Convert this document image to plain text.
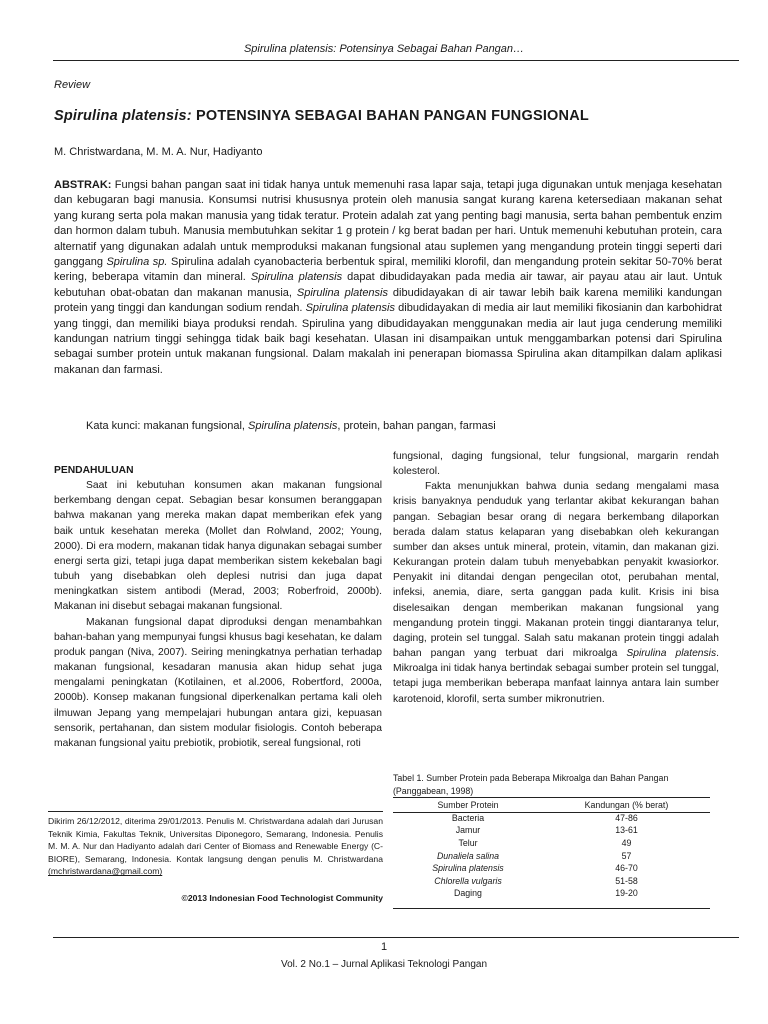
Spirulina platensis: Potensinya Sebagai Bahan Pangan…
Review
Spirulina platensis: POTENSINYA SEBAGAI BAHAN PANGAN FUNGSIONAL
M. Christwardana, M. M. A. Nur, Hadiyanto
ABSTRAK: Fungsi bahan pangan saat ini tidak hanya untuk memenuhi rasa lapar saja, tetapi juga digunakan untuk menjaga kesehatan dan kebugaran bagi manusia. Konsumsi nutrisi khususnya protein oleh manusia sangat kurang karena ketersediaan makanan sehat yang kurang serta pola makan manusia yang tidak teratur. Protein adalah zat yang penting bagi manusia, serta bahan pembentuk enzim dan hormon dalam tubuh. Manusia membutuhkan sekitar 1 g protein / kg berat badan per hari. Untuk memenuhi kebutuhan protein, cara alternatif yang digunakan adalah untuk memproduksi makanan fungsional atau suplemen yang mengandung protein tinggi seperti dari ganggang Spirulina sp. Spirulina adalah cyanobacteria berbentuk spiral, memiliki klorofil, dan mengandung protein sekitar 50-70% berat kering, beberapa vitamin dan mineral. Spirulina platensis dapat dibudidayakan pada media air tawar, air payau atau air laut. Untuk kebutuhan obat-obatan dan makanan manusia, Spirulina platensis dibudidayakan di air tawar lebih baik karena memiliki kandungan protein yang tinggi dan kandungan sodium rendah. Spirulina platensis dibudidayakan di media air laut memiliki fikosianin dan karbohidrat yang tinggi, dan memiliki biaya produksi rendah. Spirulina yang dibudidayakan menggunakan media air laut juga cenderung memiliki kandungan natrium tinggi sehingga tidak baik bagi kesehatan. Ulasan ini disampaikan untuk menggambarkan potensi dari Spirulina sebagai sumber protein untuk makanan fungsional. Dalam makalah ini penerapan biomassa Spirulina akan ditampilkan dalam aplikasi makanan dan farmasi.
Kata kunci: makanan fungsional, Spirulina platensis, protein, bahan pangan, farmasi

PENDAHULUAN

Saat ini kebutuhan konsumen akan makanan fungsional berkembang dengan cepat. Sebagian besar konsumen beranggapan bahwa makanan yang mereka makan dapat memberikan efek yang baik untuk kesehatan mereka (Mollet dan Rolwland, 2002; Young, 2000). Di era modern, makanan tidak hanya digunakan sebagai sumber energi serta gizi, tetapi juga dapat memberikan sistem kekebalan bagi tubuh yang disebabkan oleh deplesi nutrisi dan juga dapat meningkatkan sistem antibodi (Merad, 2003; Roberfroid, 2000b). Makanan ini disebut sebagai makanan fungsional.

Makanan fungsional dapat diproduksi dengan menambahkan bahan-bahan yang mempunyai fungsi khusus bagi kesehatan, ke dalam produk pangan (Niva, 2007). Seiring meningkatnya perhatian terhadap makanan fungsional, kesadaran manusia akan hidup sehat juga mengalami peningkatan (Kotilainen, et al.2006, Robertford, 2000a, 2000b). Konsep makanan fungsional diperkenalkan pertama kali oleh ilmuwan Jepang yang mempelajari hubungan antara gizi, kepuasan sensorik, pertahanan, dan sistem modular fisiologis. Contoh beberapa makanan fungsional yaitu prebiotik, probiotik, sereal fungsional, roti

Dikirim 26/12/2012, diterima 29/01/2013. Penulis M. Christwardana adalah dari Jurusan Teknik Kimia, Fakultas Teknik, Universitas Diponegoro, Semarang, Indonesia. Penulis M. M. A. Nur dan Hadiyanto adalah dari Center of Biomass and Renewable Energy (C-BIORE), Semarang, Indonesia. Kontak langsung dengan penulis M. Christwardana (mchristwardana@gmail.com)
©2013 Indonesian Food Technologist Community

fungsional, daging fungsional, telur fungsional, margarin rendah kolesterol.

Fakta menunjukkan bahwa dunia sedang mengalami masa krisis banyaknya penduduk yang terlantar akibat kekurangan bahan pangan. Sebagian besar orang di negara berkembang dilaporkan berada dalam status kelaparan yang disebabkan oleh kekurangan sumber dan akses untuk mineral, protein, vitamin, dan makanan gizi. Kekurangan protein dalam tubuh menyebabkan penyakit kwasiorkor. Penyakit ini ditandai dengan pengecilan otot, perubahan mental, infeksi, anemia, diare, serta ganggan pada kulit. Krisis ini bisa diselesaikan dengan memberikan makanan fungsional yang mengandung protein tinggi. Makanan protein tinggi diantaranya telur, daging, protein sel tunggal. Salah satu makanan protein tinggi adalah bahan pangan yang terbuat dari mikroalga Spirulina platensis. Mikroalga ini tidak hanya bertindak sebagai sumber protein sel tunggal, tetapi juga memberikan beberapa manfaat lainnya antara lain sumber karotenoid, klorofil, serta sumber mikronutrien.

Tabel 1. Sumber Protein pada Beberapa Mikroalga dan Bahan Pangan (Panggabean, 1998)
Sumber Protein	Kandungan (% berat)
Bacteria	47-86
Jamur	13-61
Telur	49
Dunaliela salina	57
Spirulina platensis	46-70
Chlorella vulgaris	51-58
Daging	19-20
1
Vol. 2 No.1 – Jurnal Aplikasi Teknologi Pangan
